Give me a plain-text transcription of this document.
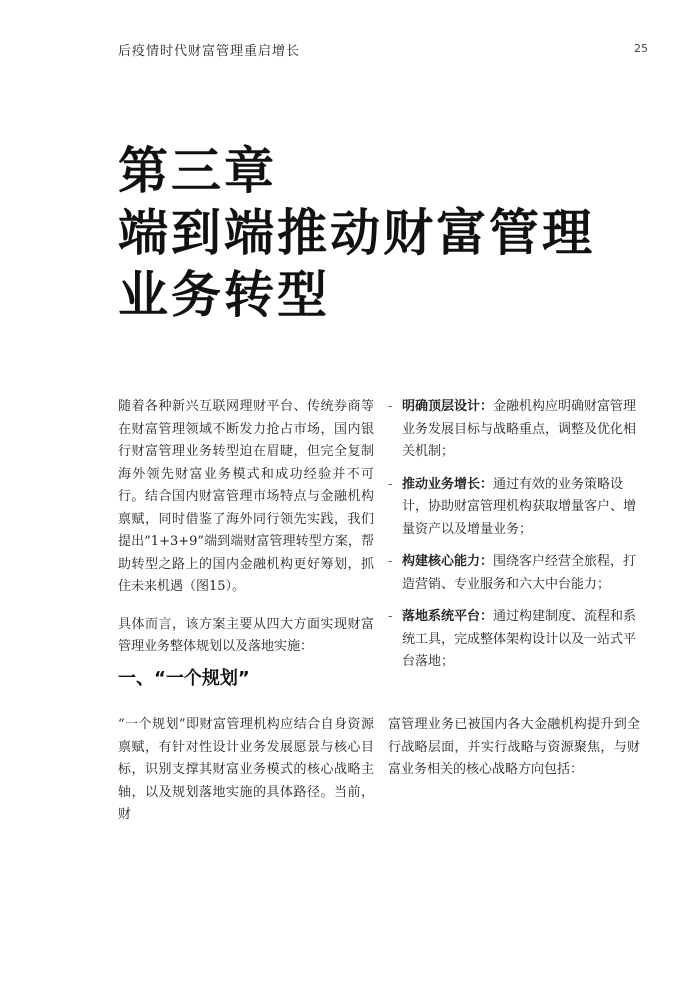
后疫情时代财富管理重启增长	25
第三章
端到端推动财富管理
业务转型

随着各种新兴互联网理财平台、传统券商等在财富管理领域不断发力抢占市场，国内银行财富管理业务转型迫在眉睫，但完全复制海外领先财富业务模式和成功经验并不可行。结合国内财富管理市场特点与金融机构禀赋，同时借鉴了海外同行领先实践，我们提出“1+3+9”端到端财富管理转型方案，帮助转型之路上的国内金融机构更好筹划，抓住未来机遇（图15）。

具体而言，该方案主要从四大方面实现财富管理业务整体规划以及落地实施：

- 明确顶层设计：金融机构应明确财富管理业务发展目标与战略重点，调整及优化相关机制；
- 推动业务增长：通过有效的业务策略设计，协助财富管理机构获取增量客户、增量资产以及增量业务；
- 构建核心能力：围绕客户经营全旅程，打造营销、专业服务和六大中台能力；
- 落地系统平台：通过构建制度、流程和系统工具，完成整体架构设计以及一站式平台落地；
一、“一个规划”

“一个规划”即财富管理机构应结合自身资源禀赋，有针对性设计业务发展愿景与核心目标，识别支撑其财富业务模式的核心战略主轴，以及规划落地实施的具体路径。当前，财

富管理业务已被国内各大金融机构提升到全行战略层面，并实行战略与资源聚焦，与财富业务相关的核心战略方向包括：
